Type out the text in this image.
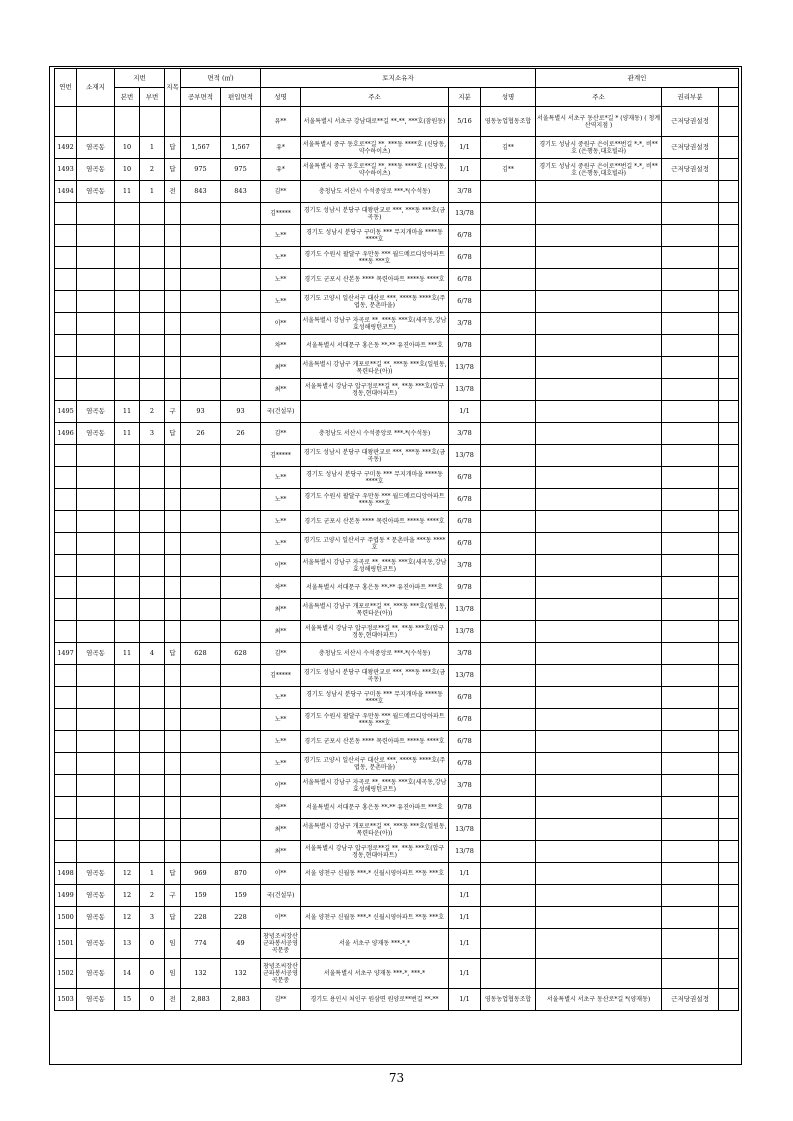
연번	소재지	지번		지목	면적 (㎡)		토지소유자				관계인	
		본번	부번		공부면적	편입면적	성명	주소	지분	성명	주소	권리부분		
							유**	서울특별시 서초구 강남대로**길 **-**, ***호(잠원동)	5/16	영동농업협동조합	서울특별시 서초구 동산로*길 * (양재동) ( 청계산역지점 )	근저당권설정		
1492	염곡동	10	1	답	1,567	1,567	유*	서울특별시 중구 동호로**길 **, ***동 ****호 (신당동, 약수하이츠)	1/1	김**	경기도 성남시 중원구 은이로**번길 *-*, 비**호 (은행동,대호빌라)	근저당권설정		
1493	염곡동	10	2	답	975	975	유*	서울특별시 중구 동호로**길 **, ***동 ****호 (신당동, 약수하이츠)	1/1	김**	경기도 성남시 중원구 은이로**번길 *-*, 비**호 (은행동,대호빌라)	근저당권설정		
1494	염곡동	11	1	전	843	843	김**	충청남도 서산시 수석중앙로 ***-*(수석동)	3/78					
							김*****	경기도 성남시 분당구 대왕판교로 ***, ***동 ***호(금곡동)	13/78					
							노**	경기도 성남시 분당구 구미동 *** 무지개마을 ****동 ****호	6/78					
							노**	경기도 수원시 팔달구 우만동 *** 월드메르디앙아파트 ***동 ***호	6/78					
							노**	경기도 군포시 산본동 **** 목련아파트 ****동 ****호	6/78					
							노**	경기도 고양시 일산서구 대산로 ***, ****동 ****호(주엽동, 문촌마을)	6/78					
							이**	서울특별시 강남구 자곡로 **, ***동 ***호(세곡동,강남효성해링턴코트)	3/78					
							차**	서울특별시 서대문구 홍은동 **-** 유진아파트 ***호	9/78					
							최**	서울특별시 강남구 개포로**길 **, ***동 ***호(일원동,목련타운(아))	13/78					
							최**	서울특별시 강남구 압구정로**길 **, **동 ***호(압구정동,현대아파트)	13/78					
1495	염곡동	11	2	구	93	93	국(건설부)		1/1					
1496	염곡동	11	3	답	26	26	김**	충청남도 서산시 수석중앙로 ***-*(수석동)	3/78					
							김*****	경기도 성남시 분당구 대왕판교로 ***, ***동 ***호(금곡동)	13/78					
							노**	경기도 성남시 분당구 구미동 *** 무지개마을 ****동 ****호	6/78					
							노**	경기도 수원시 팔달구 우만동 *** 월드메르디앙아파트 ***동 ***호	6/78					
							노**	경기도 군포시 산본동 **** 목련아파트 ****동 ****호	6/78					
							노**	경기도 고양시 일산서구 주엽동 * 문촌마을 ***동 ****호	6/78					
							이**	서울특별시 강남구 자곡로 **, ***동 ***호(세곡동,강남효성해링턴코트)	3/78					
							차**	서울특별시 서대문구 홍은동 **-** 유진아파트 ***호	9/78					
							최**	서울특별시 강남구 개포로**길 **, ***동 ***호(일원동,목련타운(아))	13/78					
							최**	서울특별시 강남구 압구정로**길 **, **동 ***호(압구정동,현대아파트)	13/78					
1497	염곡동	11	4	답	628	628	김**	충청남도 서산시 수석중앙로 ***-*(수석동)	3/78					
							김*****	경기도 성남시 분당구 대왕판교로 ***, ***동 ***호(금곡동)	13/78					
							노**	경기도 성남시 분당구 구미동 *** 무지개마을 ****동 ****호	6/78					
							노**	경기도 수원시 팔달구 우만동 *** 월드메르디앙아파트 ***동 ***호	6/78					
							노**	경기도 군포시 산본동 **** 목련아파트 ****동 ****호	6/78					
							노**	경기도 고양시 일산서구 대산로 ***, ****동 ****호(주엽동, 문촌마을)	6/78					
							이**	서울특별시 강남구 자곡로 **, ***동 ***호(세곡동,강남효성해링턴코트)	3/78					
							차**	서울특별시 서대문구 홍은동 **-** 유진아파트 ***호	9/78					
							최**	서울특별시 강남구 개포로**길 **, ***동 ***호(일원동,목련타운(아))	13/78					
							최**	서울특별시 강남구 압구정로**길 **, **동 ***호(압구정동,현대아파트)	13/78					
1498	염곡동	12	1	답	969	870	이**	서울 양천구 신월동 ***-* 신월시영아파트 **동 ***호	1/1					
1499	염곡동	12	2	구	159	159	국(건설부)		1/1					
1500	염곡동	12	3	답	228	228	이**	서울 양천구 신월동 ***-* 신월시영아파트 **동 ***호	1/1					
1501	염곡동	13	0	임	774	49	창녕조씨장산군파봉서공영곡문중	서울 서초구 양재동 ***-*,*	1/1					
1502	염곡동	14	0	임	132	132	창녕조씨장산군파봉서공영곡문중	서울특별시 서초구 양재동 ***-*, ***-*	1/1					
1503	염곡동	15	0	전	2,883	2,883	김**	경기도 용인시 처인구 원삼면 원양로**번길 **-**	1/1	영동농업협동조합	서울특별시 서초구 동산로*길 *(양재동)	근저당권설정		
73
